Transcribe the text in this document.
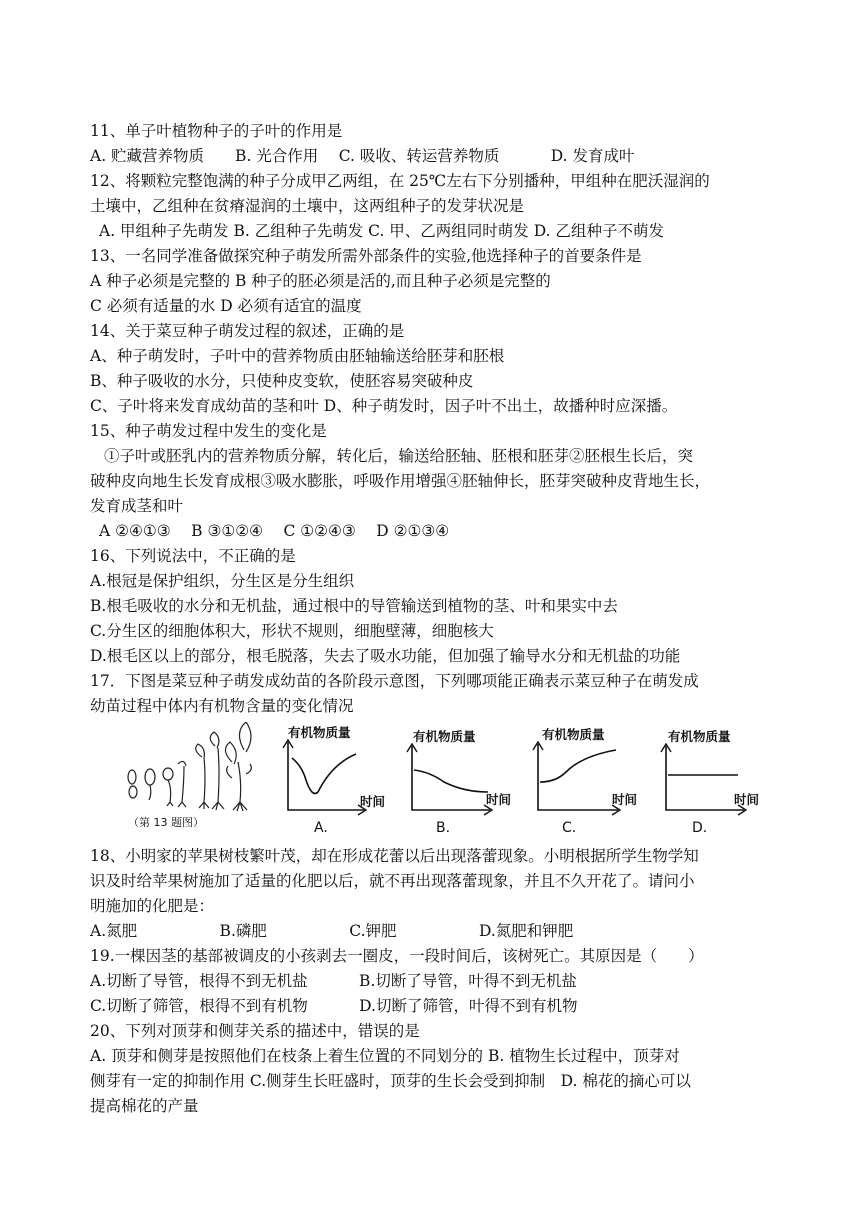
11、单子叶植物种子的子叶的作用是
A. 贮藏营养物质　　B. 光合作用　 C. 吸收、转运营养物质　　　 D. 发育成叶
12、将颗粒完整饱满的种子分成甲乙两组，在 25℃左右下分别播种，甲组种在肥沃湿润的
土壤中，乙组种在贫瘠湿润的土壤中，这两组种子的发芽状况是
A. 甲组种子先萌发 B. 乙组种子先萌发 C. 甲、乙两组同时萌发 D. 乙组种子不萌发
13、一名同学准备做探究种子萌发所需外部条件的实验,他选择种子的首要条件是
A 种子必须是完整的 B 种子的胚必须是活的,而且种子必须是完整的
C 必须有适量的水 D 必须有适宜的温度
14、关于菜豆种子萌发过程的叙述，正确的是
A、种子萌发时，子叶中的营养物质由胚轴输送给胚芽和胚根
B、种子吸收的水分，只使种皮变软，使胚容易突破种皮
C、子叶将来发育成幼苗的茎和叶 D、种子萌发时，因子叶不出土，故播种时应深播。
15、种子萌发过程中发生的变化是
①子叶或胚乳内的营养物质分解，转化后，输送给胚轴、胚根和胚芽②胚根生长后，突
破种皮向地生长发育成根③吸水膨胀，呼吸作用增强④胚轴伸长，胚芽突破种皮背地生长，
发育成茎和叶
A ②④①③　 B ③①②④　 C ①②④③　 D ②①③④
16、下列说法中，不正确的是
A.根冠是保护组织，分生区是分生组织
B.根毛吸收的水分和无机盐，通过根中的导管输送到植物的茎、叶和果实中去
C.分生区的细胞体积大，形状不规则，细胞壁薄，细胞核大
D.根毛区以上的部分，根毛脱落，失去了吸水功能，但加强了输导水分和无机盐的功能
17．下图是菜豆种子萌发成幼苗的各阶段示意图，下列哪项能正确表示菜豆种子在萌发成
幼苗过程中体内有机物含量的变化情况
（第 13 题图）
有机物质量
时间
A.
有机物质量
时间
B.
有机物质量
时间
C.
有机物质量
时间
D.
18、小明家的苹果树枝繁叶茂，却在形成花蕾以后出现落蕾现象。小明根据所学生物学知
识及时给苹果树施加了适量的化肥以后，就不再出现落蕾现象，并且不久开花了。请问小
明施加的化肥是：
A.氮肥　　　　　 B.磷肥　　　　　 C.钾肥　　　　　 D.氮肥和钾肥
19.一棵因茎的基部被调皮的小孩剥去一圈皮，一段时间后，该树死亡。其原因是（　　）
A.切断了导管，根得不到无机盐　　　 B.切断了导管，叶得不到无机盐
C.切断了筛管，根得不到有机物　　　 D.切断了筛管，叶得不到有机物
20、下列对顶芽和侧芽关系的描述中，错误的是
A. 顶芽和侧芽是按照他们在枝条上着生位置的不同划分的 B. 植物生长过程中，顶芽对
侧芽有一定的抑制作用 C.侧芽生长旺盛时，顶芽的生长会受到抑制　D. 棉花的摘心可以
提高棉花的产量
